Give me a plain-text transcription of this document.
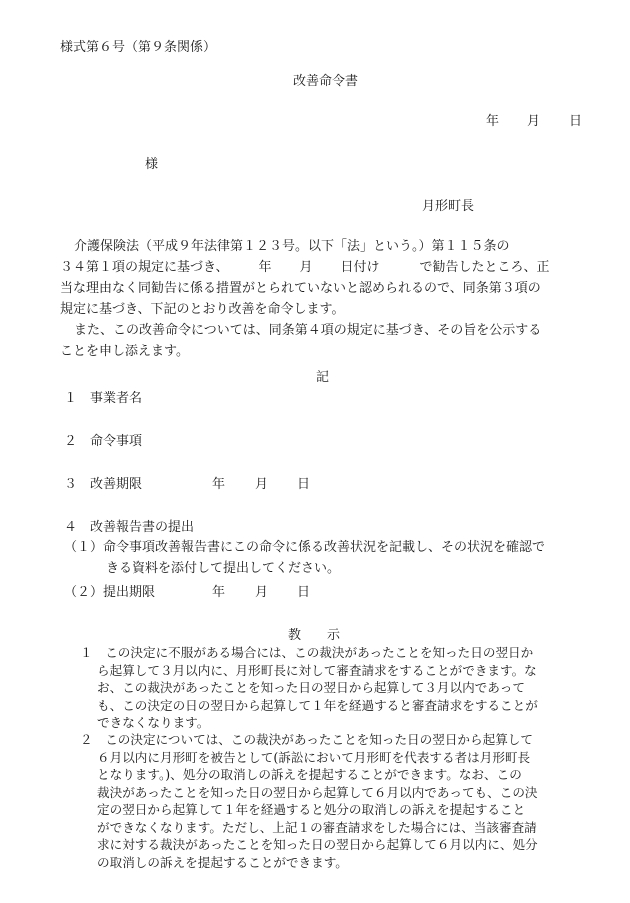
様式第６号（第９条関係）
改善命令書
年 月 日
様
月形町長
介護保険法（平成９年法律第１２３号。以下「法」という。）第１１５条の
３４第１項の規定に基づき、 年 月 日付け	で勧告したところ、正
当な理由なく同勧告に係る措置がとられていないと認められるので、同条第３項の
規定に基づき、下記のとおり改善を命令します。
また、この改善命令については、同条第４項の規定に基づき、その旨を公示する
ことを申し添えます。
記
１　事業者名
２　命令事項
３　改善期限	年 月 日
４　改善報告書の提出
（１）命令事項改善報告書にこの命令に係る改善状況を記載し、その状況を確認で
きる資料を添付して提出してください。
（２）提出期限	年 月 日
教　　示
１　この決定に不服がある場合には、この裁決があったことを知った日の翌日か
ら起算して３月以内に、月形町長に対して審査請求をすることができます。な
お、この裁決があったことを知った日の翌日から起算して３月以内であって
も、この決定の日の翌日から起算して１年を経過すると審査請求をすることが
できなくなります。
２　この決定については、この裁決があったことを知った日の翌日から起算して
６月以内に月形町を被告として(訴訟において月形町を代表する者は月形町長
となります。)、処分の取消しの訴えを提起することができます。なお、この
裁決があったことを知った日の翌日から起算して６月以内であっても、この決
定の翌日から起算して１年を経過すると処分の取消しの訴えを提起すること
ができなくなります。ただし、上記１の審査請求をした場合には、当該審査請
求に対する裁決があったことを知った日の翌日から起算して６月以内に、処分
の取消しの訴えを提起することができます。
